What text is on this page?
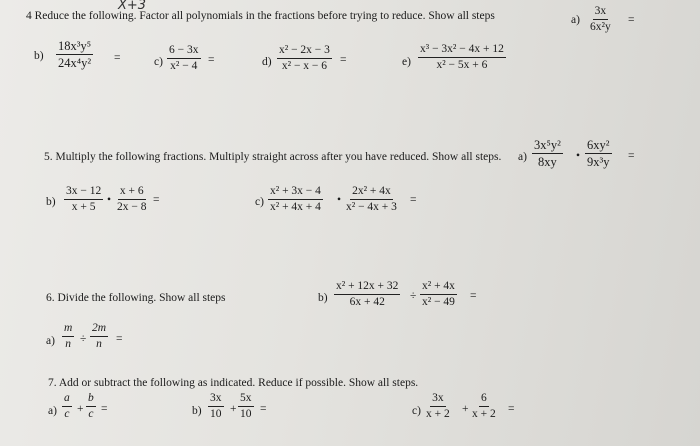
X+3
4 Reduce the following. Factor all polynomials in the fractions before trying to reduce. Show all steps	$a) \frac{3x}{\text{6x²y}}$ =
$b) \frac{\text{18x³y⁵}}{\text{24x⁴y²}}$ =	$c) \frac{6 - 3x}{\text{x² − 4}}$ =	$d) \frac{\text{x² − 2x − 3}}{\text{x² − x − 6}}$ =	$e) \frac{\text{x³ − 3x² − 4x + 12}}{\text{x² − 5x + 6}}$
5. Multiply the following fractions. Multiply straight across after you have reduced. Show all steps. $a) \frac{\text{3x⁵y²}}{8xy}$ • $\frac{\text{6xy²}}{\text{9x³y}}$ =
$b) \frac{3x - 12}{x + 5}$ • $\frac{x + 6}{2x - 8}$ =	$c) \frac{\text{x² + 3x − 4}}{\text{x² + 4x + 4}}$ • $\frac{\text{2x² + 4x}}{\text{x² − 4x + 3}}$ =
6. Divide the following. Show all steps	$b) \frac{\text{x² + 12x + 32}}{6x + 42} \div \frac{\text{x² + 4x}}{\text{x² − 49}}$ =
$a) \frac{m}{n} \div \frac{2m}{n}$ =
7. Add or subtract the following as indicated. Reduce if possible. Show all steps.
$a) \frac{a}{c} + \frac{b}{c}$ =	$b) \frac{3x}{10} + \frac{5x}{10}$ =	$c) \frac{3x}{x + 2} + \frac{6}{x + 2}$ =
